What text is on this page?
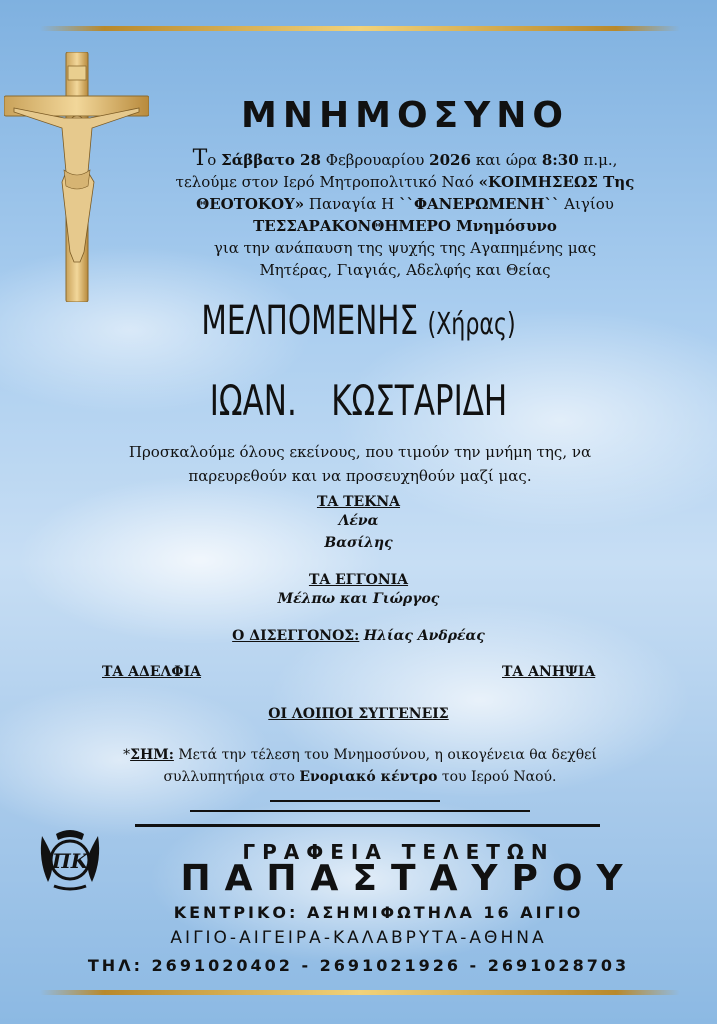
ΜΝΗΜΟΣΥΝΟ
Το Σάββατο 28 Φεβρουαρίου 2026 και ώρα 8:30 π.μ.,
τελούμε στον Ιερό Μητροπολιτικό Ναό «ΚΟΙΜΗΣΕΩΣ Της
ΘΕΟΤΟΚΟΥ» Παναγία Η ``ΦΑΝΕΡΩΜΕΝΗ`` Αιγίου
ΤΕΣΣΑΡΑΚΟΝΘΗΜΕΡΟ Μνημόσυνο
για την ανάπαυση της ψυχής της Αγαπημένης μας
Μητέρας, Γιαγιάς, Αδελφής και Θείας
ΜΕΛΠΟΜΕΝΗΣ (Χήρας)
ΙΩΑΝ. ΚΩΣΤΑΡΙΔΗ
Προσκαλούμε όλους εκείνους, που τιμούν την μνήμη της, να
παρευρεθούν και να προσευχηθούν μαζί μας.
ΤΑ ΤΕΚΝΑ
Λένα
Βασίλης
ΤΑ ΕΓΓΟΝΙΑ
Μέλπω και Γιώργος
Ο ΔΙΣΕΓΓΟΝΟΣ: Ηλίας Ανδρέας
ΤΑ ΑΔΕΛΦΙΑ	ΤΑ ΑΝΗΨΙΑ
ΟΙ ΛΟΙΠΟΙ ΣΥΓΓΕΝΕΙΣ
*ΣΗΜ: Μετά την τέλεση του Μνημοσύνου, η οικογένεια θα δεχθεί
συλλυπητήρια στο Ενοριακό κέντρο του Ιερού Ναού.
ΠΚ	ΓΡΑΦΕΙΑ ΤΕΛΕΤΩΝ
ΠΑΠΑΣΤΑΥΡΟΥ
ΚΕΝΤΡΙΚΟ: ΑΣΗΜΙΦΩΤΗΛΑ 16 ΑΙΓΙΟ
ΑΙΓΙΟ-ΑΙΓΕΙΡΑ-ΚΑΛΑΒΡΥΤΑ-ΑΘΗΝΑ
ΤΗΛ: 2691020402 - 2691021926 - 2691028703
